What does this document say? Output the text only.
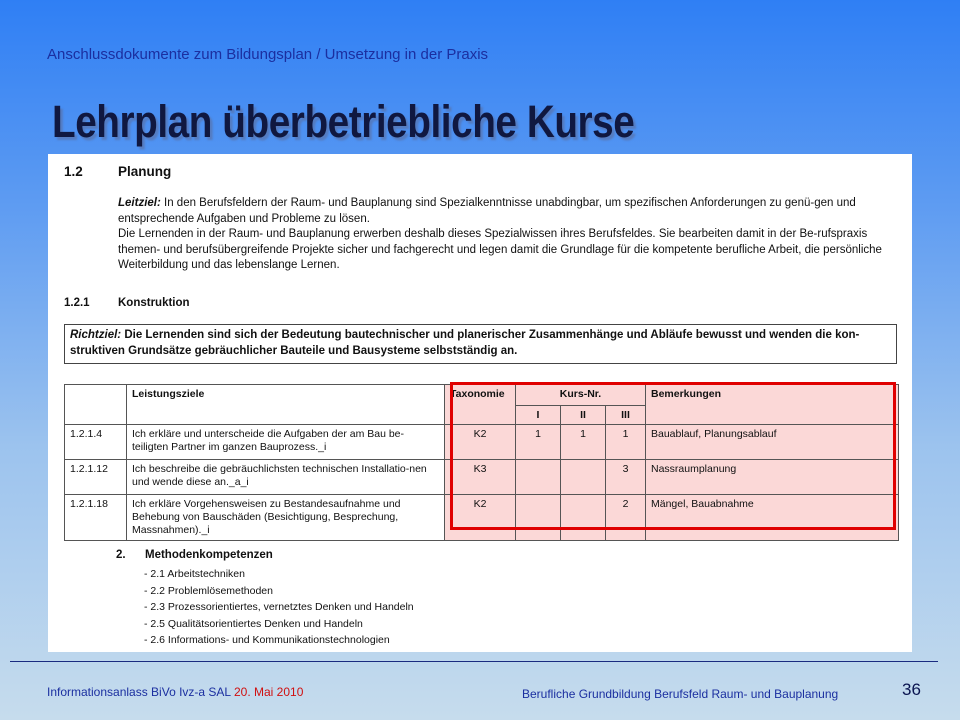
Anschlussdokumente zum Bildungsplan / Umsetzung in der Praxis
Lehrplan überbetriebliche Kurse
1.2	Planung

Leitziel: In den Berufsfeldern der Raum- und Bauplanung sind Spezialkenntnisse unabdingbar, um spezifischen Anforderungen zu genü-gen und entsprechende Aufgaben und Probleme zu lösen.

Die Lernenden in der Raum- und Bauplanung erwerben deshalb dieses Spezialwissen ihres Berufsfeldes. Sie bearbeiten damit in der Be-rufspraxis themen- und berufsübergreifende Projekte sicher und fachgerecht und legen damit die Grundlage für die kompetente berufliche Arbeit, die persönliche Weiterbildung und das lebenslange Lernen.

1.2.1 Konstruktion
Richtziel: Die Lernenden sind sich der Bedeutung bautechnischer und planerischer Zusammenhänge und Abläufe bewusst und wenden die kon-struktiven Grundsätze gebräuchlicher Bauteile und Bausysteme selbstständig an.
	Leistungsziele	Taxonomie	Kurs-Nr.			Bemerkungen
			I	II	III	
1.2.1.4	Ich erkläre und unterscheide die Aufgaben der am Bau be-teiligten Partner im ganzen Bauprozess._i	K2	1	1	1	Bauablauf, Planungsablauf
1.2.1.12	Ich beschreibe die gebräuchlichsten technischen Installatio-nen und wende diese an._a_i	K3			3	Nassraumplanung
1.2.1.18	Ich erkläre Vorgehensweisen zu Bestandesaufnahme und Behebung von Bauschäden (Besichtigung, Besprechung, Massnahmen)._i	K2			2	Mängel, Bauabnahme
2. Methodenkompetenzen
- 2.1 Arbeitstechniken
- 2.2 Problemlösemethoden
- 2.3 Prozessorientiertes, vernetztes Denken und Handeln
- 2.5 Qualitätsorientiertes Denken und Handeln
- 2.6 Informations- und Kommunikationstechnologien
Informationsanlass BiVo Ivz-a SAL 20. Mai 2010	Berufliche Grundbildung Berufsfeld Raum- und Bauplanung	36
